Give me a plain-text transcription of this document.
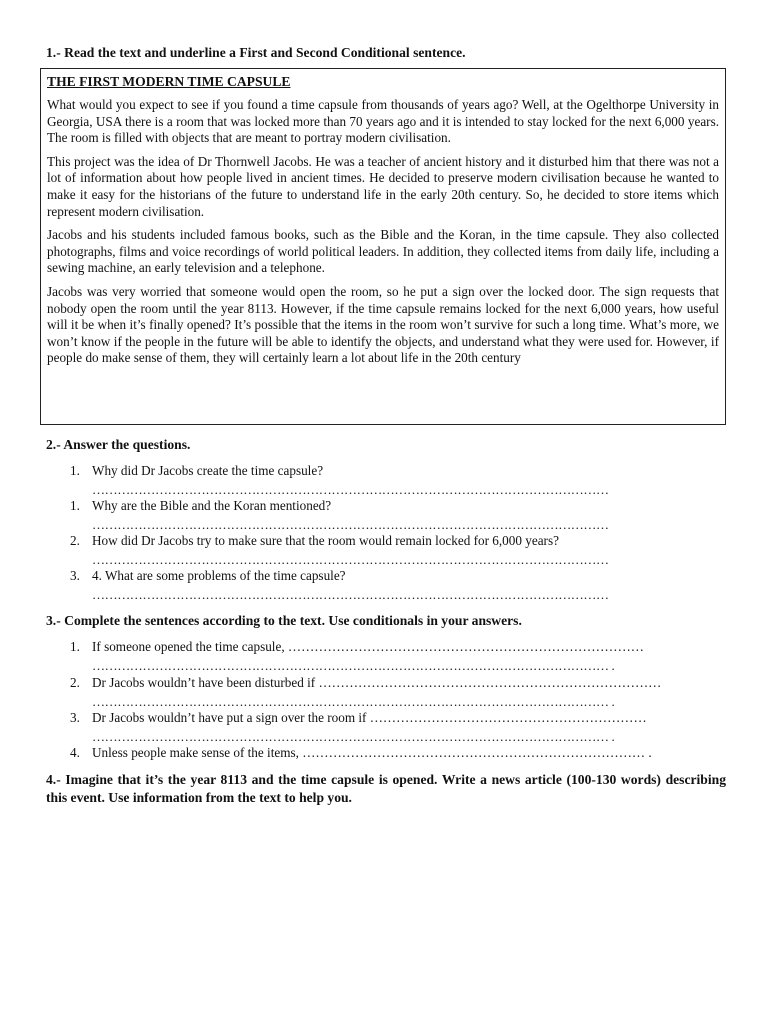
1.- Read the text and underline a First and Second Conditional sentence.
THE FIRST MODERN TIME CAPSULE

What would you expect to see if you found a time capsule from thousands of years ago? Well, at the Ogelthorpe University in Georgia, USA there is a room that was locked more than 70 years ago and it is intended to stay locked for the next 6,000 years. The room is filled with objects that are meant to portray modern civilisation.

This project was the idea of Dr Thornwell Jacobs. He was a teacher of ancient history and it disturbed him that there was not a lot of information about how people lived in ancient times. He decided to preserve modern civilisation because he wanted to make it easy for the historians of the future to understand life in the early 20th century. So, he decided to store items which represent modern civilisation.

Jacobs and his students included famous books, such as the Bible and the Koran, in the time capsule. They also collected photographs, films and voice recordings of world political leaders. In addition, they collected items from daily life, including a sewing machine, an early television and a telephone.

Jacobs was very worried that someone would open the room, so he put a sign over the locked door. The sign requests that nobody open the room until the year 8113. However, if the time capsule remains locked for the next 6,000 years, how useful will it be when it’s finally opened? It’s possible that the items in the room won’t survive for such a long time. What’s more, we won’t know if the people in the future will be able to identify the objects, and understand what they were used for. However, if people do make sense of them, they will certainly learn a lot about life in the 20th century

2.- Answer the questions.
1. Why did Dr Jacobs create the time capsule?
……………………………………………………………………………………………………………
1. Why are the Bible and the Koran mentioned?
……………………………………………………………………………………………………………
2. How did Dr Jacobs try to make sure that the room would remain locked for 6,000 years?
……………………………………………………………………………………………………………
3. 4. What are some problems of the time capsule?
……………………………………………………………………………………………………………
3.- Complete the sentences according to the text. Use conditionals in your answers.
1. If someone opened the time capsule, ………………………………………………………………………
…………………………………………………………………………………………………………… .
2. Dr Jacobs wouldn’t have been disturbed if ……………………………………………………………………
…………………………………………………………………………………………………………… .
3. Dr Jacobs wouldn’t have put a sign over the room if ………………………………………………………
…………………………………………………………………………………………………………… .
4. Unless people make sense of the items, …………………………………………………………………… .
4.- Imagine that it’s the year 8113 and the time capsule is opened. Write a news article (100-130 words) describing this event. Use information from the text to help you.
